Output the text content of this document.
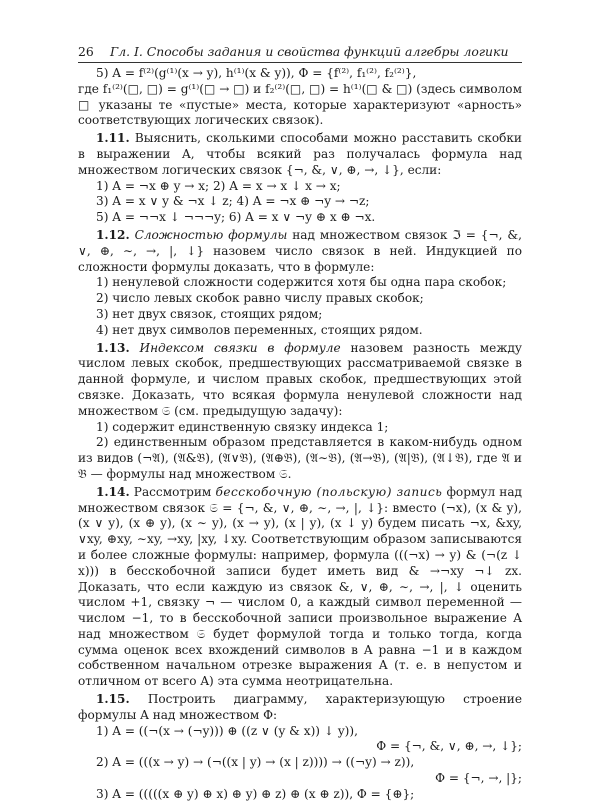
26 Гл. I. Способы задания и свойства функций алгебры логики
5) A = f⁽²⁾(g⁽¹⁾(x → y), h⁽¹⁾(x & y)), Φ = {f⁽²⁾, f₁⁽²⁾, f₂⁽²⁾},

где f₁⁽²⁾(□, □) = g⁽¹⁾(□ → □) и f₂⁽²⁾(□, □) = h⁽¹⁾(□ & □) (здесь символом □ указаны те «пустые» места, которые характеризуют «арность» соответствующих логических связок).

1.11. Выяснить, сколькими способами можно расставить скобки в выражении A, чтобы всякий раз получалась формула над множеством логических связок {¬, &, ∨, ⊕, →, ↓}, если:

1) A = ¬x ⊕ y → x; 2) A = x → x ↓ x → x;
3) A = x ∨ y & ¬x ↓ z; 4) A = ¬x ⊕ ¬y → ¬z;
5) A = ¬¬x ↓ ¬¬¬y; 6) A = x ∨ ¬y ⊕ x ⊕ ¬x.

1.12. Сложностью формулы над множеством связок ℑ = {¬, &, ∨, ⊕, ∼, →, |, ↓} назовем число связок в ней. Индукцией по сложности формулы доказать, что в формуле:

1) ненулевой сложности содержится хотя бы одна пара скобок;
2) число левых скобок равно числу правых скобок;
3) нет двух связок, стоящих рядом;
4) нет двух символов переменных, стоящих рядом.

1.13. Индексом связки в формуле назовем разность между числом левых скобок, предшествующих рассматриваемой связке в данной формуле, и числом правых скобок, предшествующих этой связке. Доказать, что всякая формула ненулевой сложности над множеством 𝔖 (см. предыдущую задачу):

1) содержит единственную связку индекса 1;

2) единственным образом представляется в каком-нибудь одном из видов (¬𝔄), (𝔄&𝔅), (𝔄∨𝔅), (𝔄⊕𝔅), (𝔄∼𝔅), (𝔄→𝔅), (𝔄|𝔅), (𝔄↓𝔅), где 𝔄 и 𝔅 — формулы над множеством 𝔖.

1.14. Рассмотрим бесскобочную (польскую) запись формул над множеством связок 𝔖 = {¬, &, ∨, ⊕, ∼, →, |, ↓}: вместо (¬x), (x & y), (x ∨ y), (x ⊕ y), (x ∼ y), (x → y), (x | y), (x ↓ y) будем писать ¬x, &xy, ∨xy, ⊕xy, ∼xy, →xy, |xy, ↓xy. Соответствующим образом записываются и более сложные формулы: например, формула (((¬x) → y) & (¬(z ↓ x))) в бесскобочной записи будет иметь вид & →¬xy ¬↓ zx. Доказать, что если каждую из связок &, ∨, ⊕, ∼, →, |, ↓ оценить числом +1, связку ¬ — числом 0, а каждый символ переменной — числом −1, то в бесскобочной записи произвольное выражение A над множеством 𝔖 будет формулой тогда и только тогда, когда сумма оценок всех вхождений символов в A равна −1 и в каждом собственном начальном отрезке выражения A (т. е. в непустом и отличном от всего A) эта сумма неотрицательна.

1.15. Построить диаграмму, характеризующую строение формулы A над множеством Φ:

1) A = ((¬(x → (¬y))) ⊕ ((z ∨ (y & x)) ↓ y)),
Φ = {¬, &, ∨, ⊕, →, ↓};
2) A = (((x → y) → (¬((x | y) → (x | z)))) → ((¬y) → z)),
Φ = {¬, →, |};
3) A = (((((x ⊕ y) ⊕ x) ⊕ y) ⊕ z) ⊕ (x ⊕ z)), Φ = {⊕};
